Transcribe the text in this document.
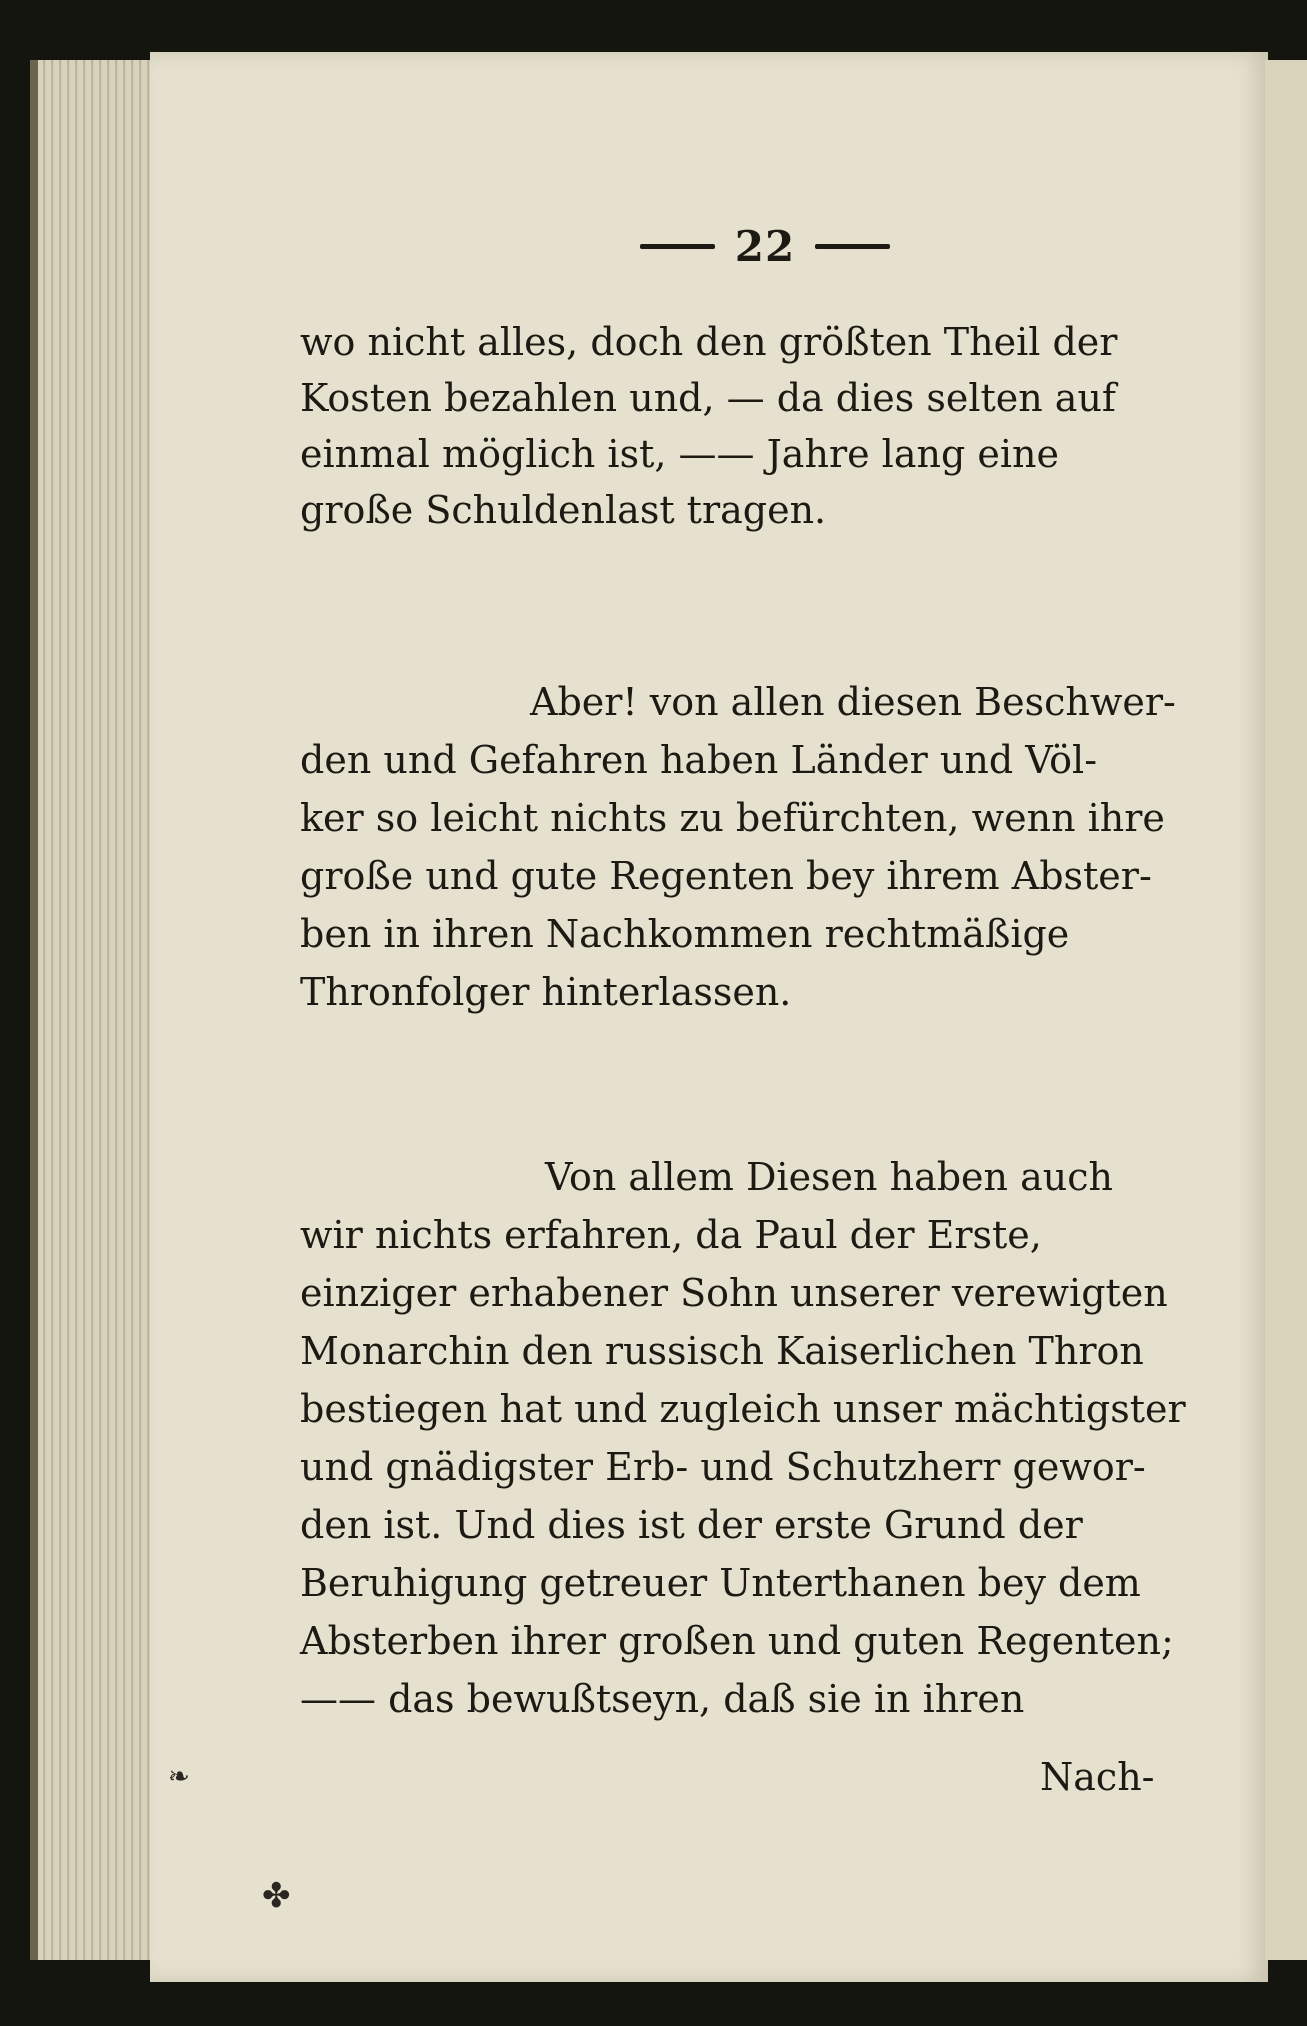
22
wo nicht alles, doch den größten Theil der
Kosten bezahlen und, — da dies selten auf
einmal möglich ist, —— Jahre lang eine
große Schuldenlast tragen.
Aber! von allen diesen Beschwer-
den und Gefahren haben Länder und Völ-
ker so leicht nichts zu befürchten, wenn ihre
große und gute Regenten bey ihrem Abster-
ben in ihren Nachkommen rechtmäßige
Thronfolger hinterlassen.
Von allem Diesen haben auch
wir nichts erfahren, da Paul der Erste,
einziger erhabener Sohn unserer verewigten
Monarchin den russisch Kaiserlichen Thron
bestiegen hat und zugleich unser mächtigster
und gnädigster Erb- und Schutzherr gewor-
den ist. Und dies ist der erste Grund der
Beruhigung getreuer Unterthanen bey dem
Absterben ihrer großen und guten Regenten;
—— das bewußtseyn, daß sie in ihren
Nach-
❧
✤
